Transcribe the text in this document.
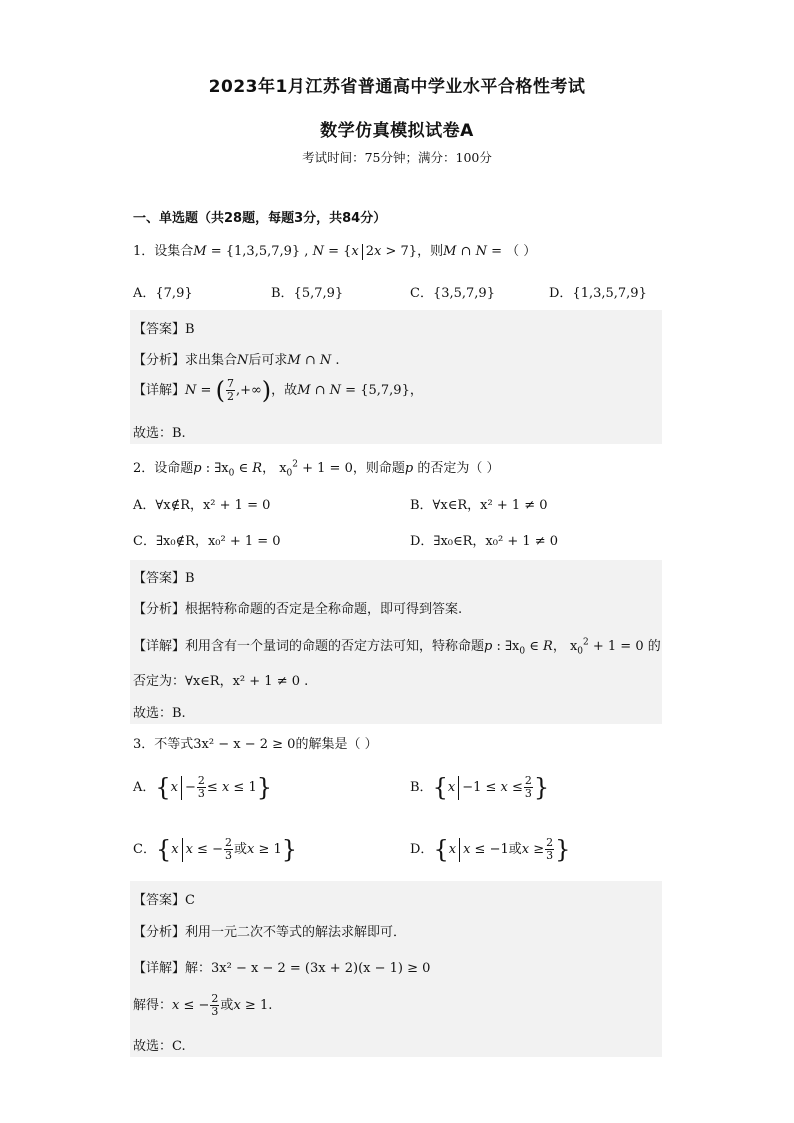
2023年1月江苏省普通高中学业水平合格性考试
数学仿真模拟试卷A
考试时间：75分钟；满分：100分
一、单选题（共28题，每题3分，共84分）
1．设集合M = {1,3,5,7,9} , N = {x 2x > 7}，则M ∩ N = （ ）
A．{7,9}	B．{5,7,9}	C．{3,5,7,9}	D．{1,3,5,7,9}
【答案】B
【分析】求出集合N后可求M ∩ N .
【详解】N = ( $\frac{7}{2}$ ,+∞)，故M ∩ N = {5,7,9}，
故选：B.
2．设命题p : $\exists x_0$ ∈ R， $x_0^2 + 1 = 0$，则命题p 的否定为（ ）
A．∀x∉R，x² + 1 = 0	B．∀x∈R，x² + 1 ≠ 0
C．∃x₀∉R，x₀² + 1 = 0	D．∃x₀∈R，x₀² + 1 ≠ 0
【答案】B
【分析】根据特称命题的否定是全称命题，即可得到答案.
【详解】利用含有一个量词的命题的否定方法可知，特称命题p : $\exists x_0$ ∈ R， $x_0^2 + 1 = 0$ 的
否定为：∀x∈R，x² + 1 ≠ 0 .
故选：B.
3．不等式3x² − x − 2 ≥ 0的解集是（ ）
A．$\{x - \frac{2}{3} \le x \le 1\}$	B．{$x -1 \le x \le \frac{2}{3}$ }
C．{x x ≤ − $\frac{2}{3}$ 或x ≥ 1}	D．{x x ≤ −1或$x \ge \frac{2}{3}$ }
【答案】C
【分析】利用一元二次不等式的解法求解即可．
【详解】解：3x² − x − 2 = (3x + 2)(x − 1) ≥ 0
解得：x ≤ − $\frac{2}{3}$ 或x ≥ 1.
故选：C.
